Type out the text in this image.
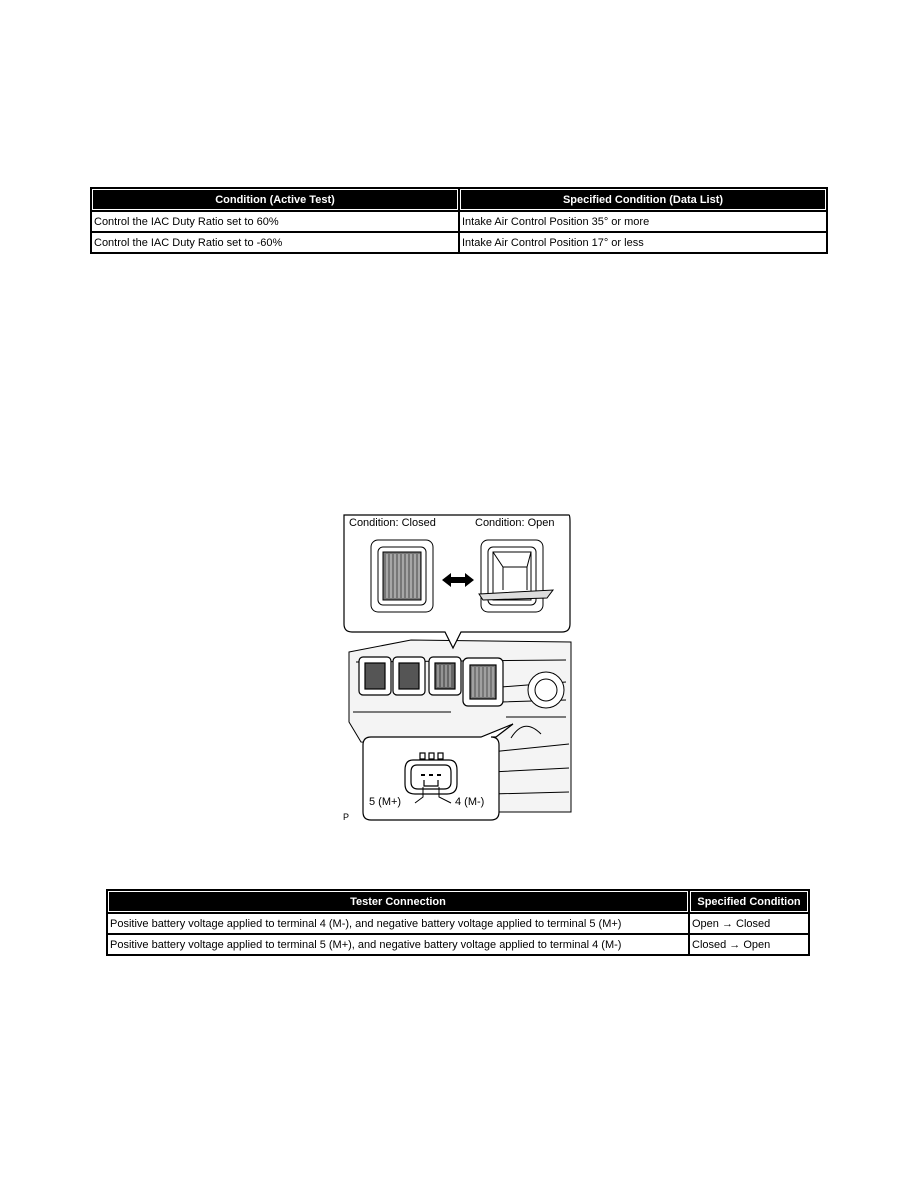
Condition (Active Test)	Specified Condition (Data List)
Control the IAC Duty Ratio set to 60%	Intake Air Control Position 35° or more
Control the IAC Duty Ratio set to -60%	Intake Air Control Position 17° or less
Condition: Closed	Condition: Open
5 (M+)	4 (M-)
P
Tester Connection	Specified Condition
Positive battery voltage applied to terminal 4 (M-), and negative battery voltage applied to terminal 5 (M+)	Open → Closed
Positive battery voltage applied to terminal 5 (M+), and negative battery voltage applied to terminal 4 (M-)	Closed → Open
